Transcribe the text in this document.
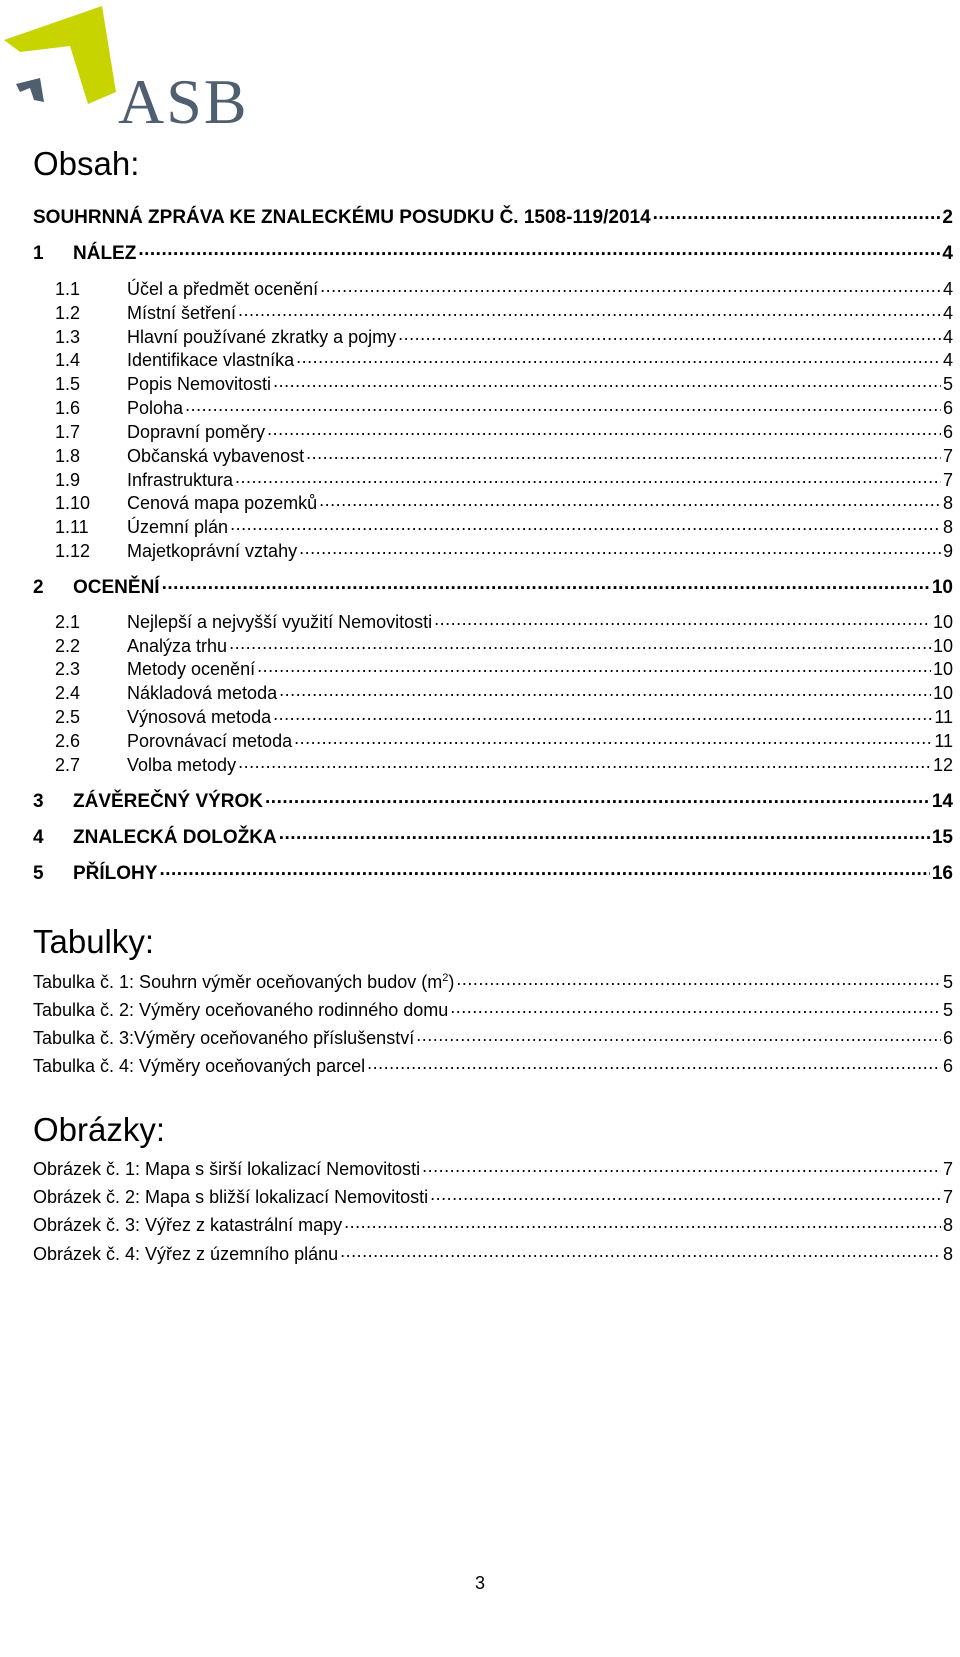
ASB
Obsah:
SOUHRNNÁ ZPRÁVA KE ZNALECKÉMU POSUDKU Č. 1508-119/2014 .....	2
1	NÁLEZ .....	4
1.1	Účel a předmět ocenění .....	4
1.2	Místní šetření .....	4
1.3	Hlavní používané zkratky a pojmy .....	4
1.4	Identifikace vlastníka .....	4
1.5	Popis Nemovitosti .....	5
1.6	Poloha .....	6
1.7	Dopravní poměry .....	6
1.8	Občanská vybavenost .....	7
1.9	Infrastruktura .....	7
1.10	Cenová mapa pozemků .....	8
1.11	Územní plán .....	8
1.12	Majetkoprávní vztahy .....	9
2	OCENĚNÍ .....	10
2.1	Nejlepší a nejvyšší využití Nemovitosti .....	10
2.2	Analýza trhu .....	10
2.3	Metody ocenění .....	10
2.4	Nákladová metoda .....	10
2.5	Výnosová metoda .....	11
2.6	Porovnávací metoda .....	11
2.7	Volba metody .....	12
3	ZÁVĚREČNÝ VÝROK .....	14
4	ZNALECKÁ DOLOŽKA .....	15
5	PŘÍLOHY .....	16
Tabulky:
Tabulka č. 1: Souhrn výměr oceňovaných budov $(m^2)$ .....	5
Tabulka č. 2: Výměry oceňovaného rodinného domu .....	5
Tabulka č. 3:Výměry oceňovaného příslušenství .....	6
Tabulka č. 4: Výměry oceňovaných parcel .....	6
Obrázky:
Obrázek č. 1: Mapa s širší lokalizací Nemovitosti .....	7
Obrázek č. 2: Mapa s bližší lokalizací Nemovitosti .....	7
Obrázek č. 3: Výřez z katastrální mapy .....	8
Obrázek č. 4: Výřez z územního plánu .....	8
3
